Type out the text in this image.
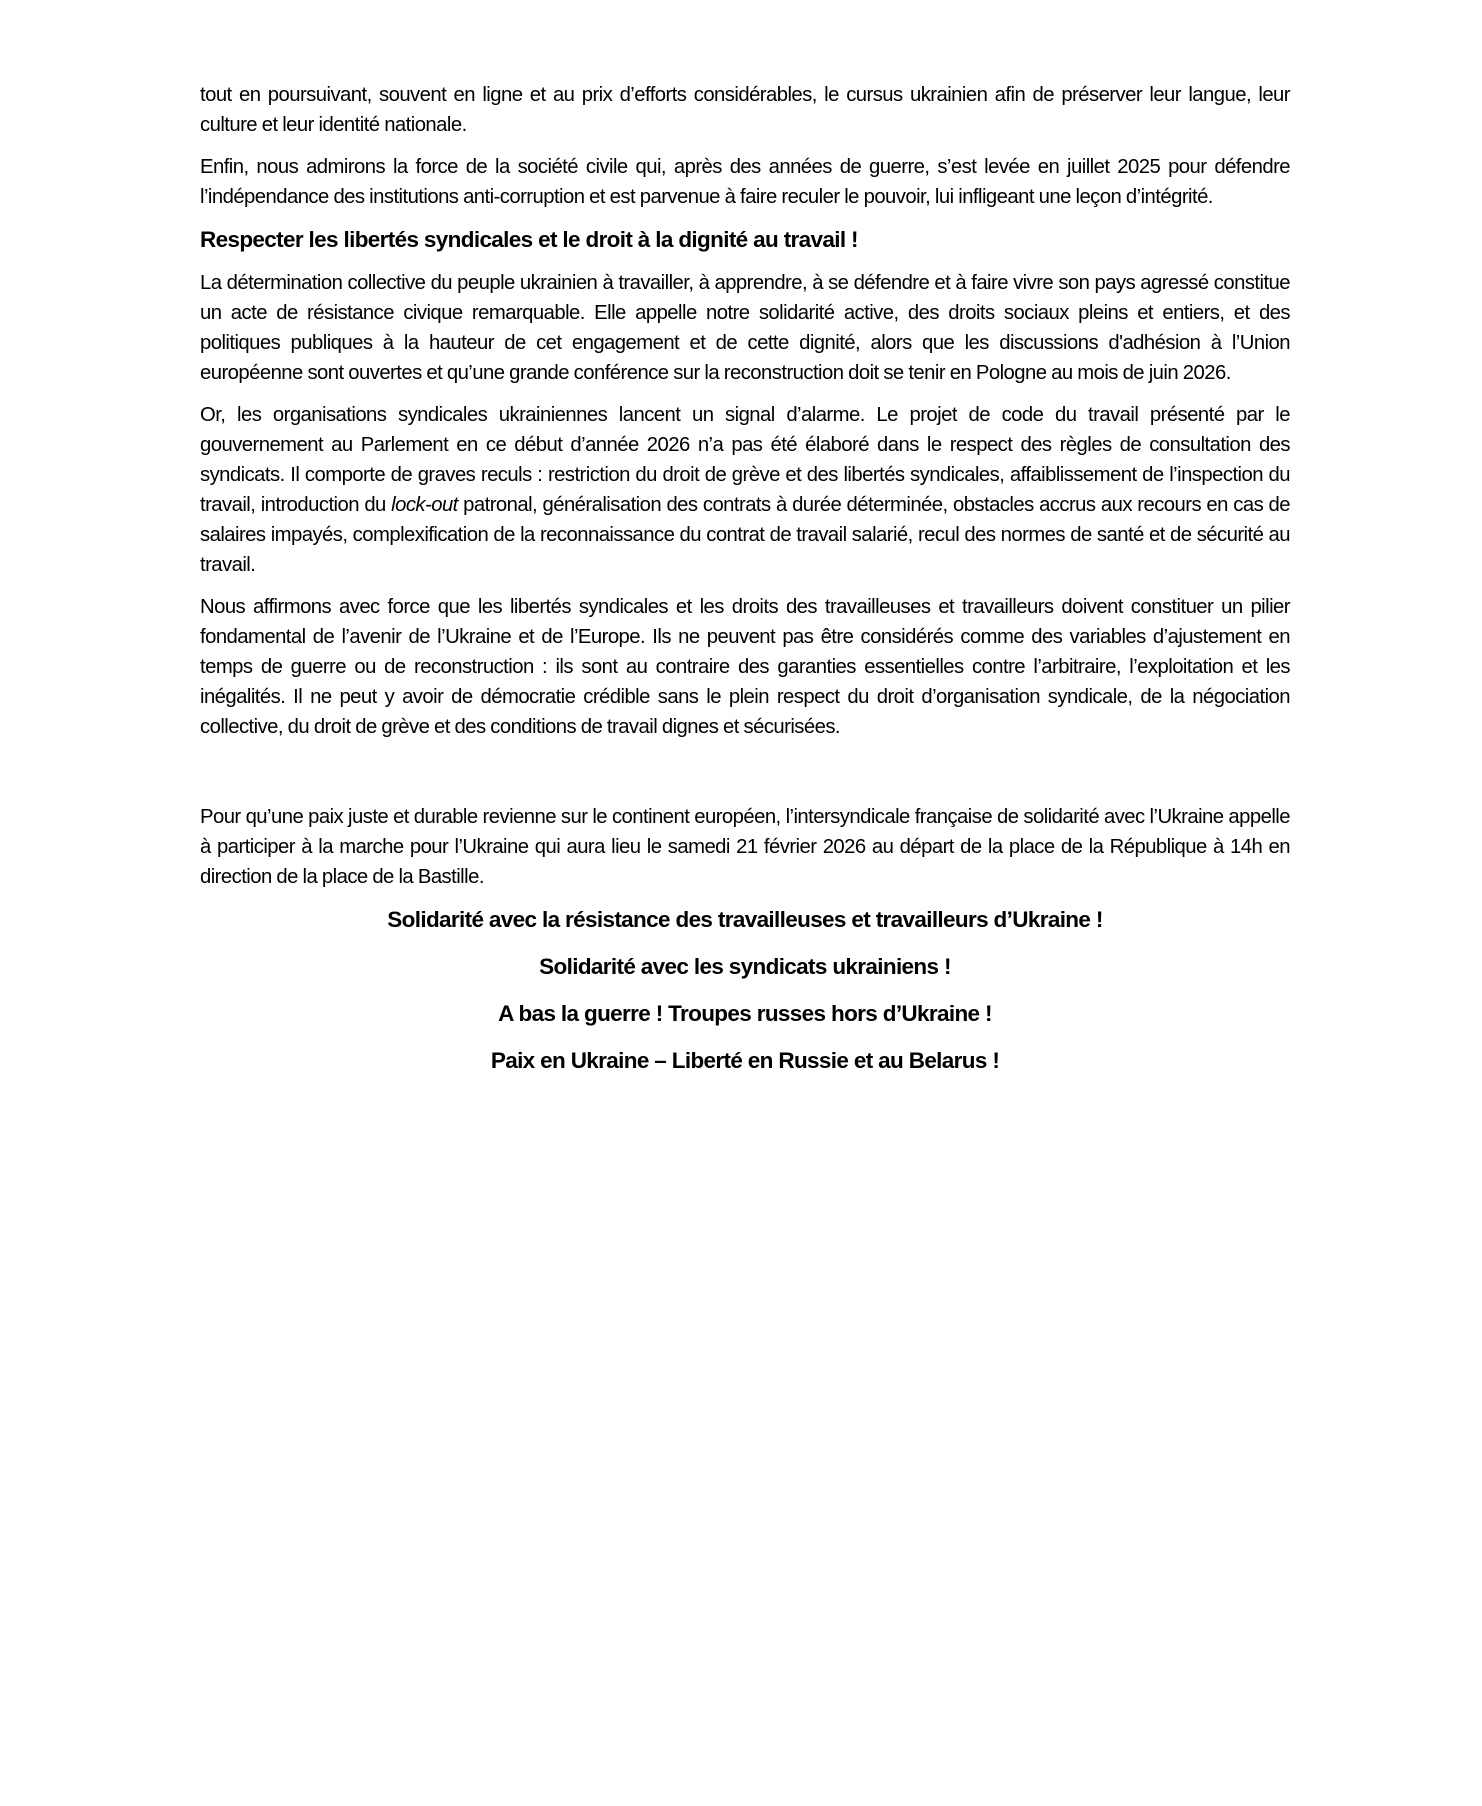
tout en poursuivant, souvent en ligne et au prix d’efforts considérables, le cursus ukrainien afin de préserver leur langue, leur culture et leur identité nationale.

Enfin, nous admirons la force de la société civile qui, après des années de guerre, s’est levée en juillet 2025 pour défendre l’indépendance des institutions anti-corruption et est parvenue à faire reculer le pouvoir, lui infligeant une leçon d’intégrité.

Respecter les libertés syndicales et le droit à la dignité au travail !

La détermination collective du peuple ukrainien à travailler, à apprendre, à se défendre et à faire vivre son pays agressé constitue un acte de résistance civique remarquable. Elle appelle notre solidarité active, des droits sociaux pleins et entiers, et des politiques publiques à la hauteur de cet engagement et de cette dignité, alors que les discussions d'adhésion à l’Union européenne sont ouvertes et qu’une grande conférence sur la reconstruction doit se tenir en Pologne au mois de juin 2026.

Or, les organisations syndicales ukrainiennes lancent un signal d’alarme. Le projet de code du travail présenté par le gouvernement au Parlement en ce début d’année 2026 n’a pas été élaboré dans le respect des règles de consultation des syndicats. Il comporte de graves reculs : restriction du droit de grève et des libertés syndicales, affaiblissement de l’inspection du travail, introduction du lock-out patronal, généralisation des contrats à durée déterminée, obstacles accrus aux recours en cas de salaires impayés, complexification de la reconnaissance du contrat de travail salarié, recul des normes de santé et de sécurité au travail.

Nous affirmons avec force que les libertés syndicales et les droits des travailleuses et travailleurs doivent constituer un pilier fondamental de l’avenir de l’Ukraine et de l’Europe. Ils ne peuvent pas être considérés comme des variables d’ajustement en temps de guerre ou de reconstruction : ils sont au contraire des garanties essentielles contre l’arbitraire, l’exploitation et les inégalités. Il ne peut y avoir de démocratie crédible sans le plein respect du droit d’organisation syndicale, de la négociation collective, du droit de grève et des conditions de travail dignes et sécurisées.

Pour qu’une paix juste et durable revienne sur le continent européen, l’intersyndicale française de solidarité avec l’Ukraine appelle à participer à la marche pour l’Ukraine qui aura lieu le samedi 21 février 2026 au départ de la place de la République à 14h en direction de la place de la Bastille.

Solidarité avec la résistance des travailleuses et travailleurs d’Ukraine !
Solidarité avec les syndicats ukrainiens !
A bas la guerre ! Troupes russes hors d’Ukraine !
Paix en Ukraine – Liberté en Russie et au Belarus !
